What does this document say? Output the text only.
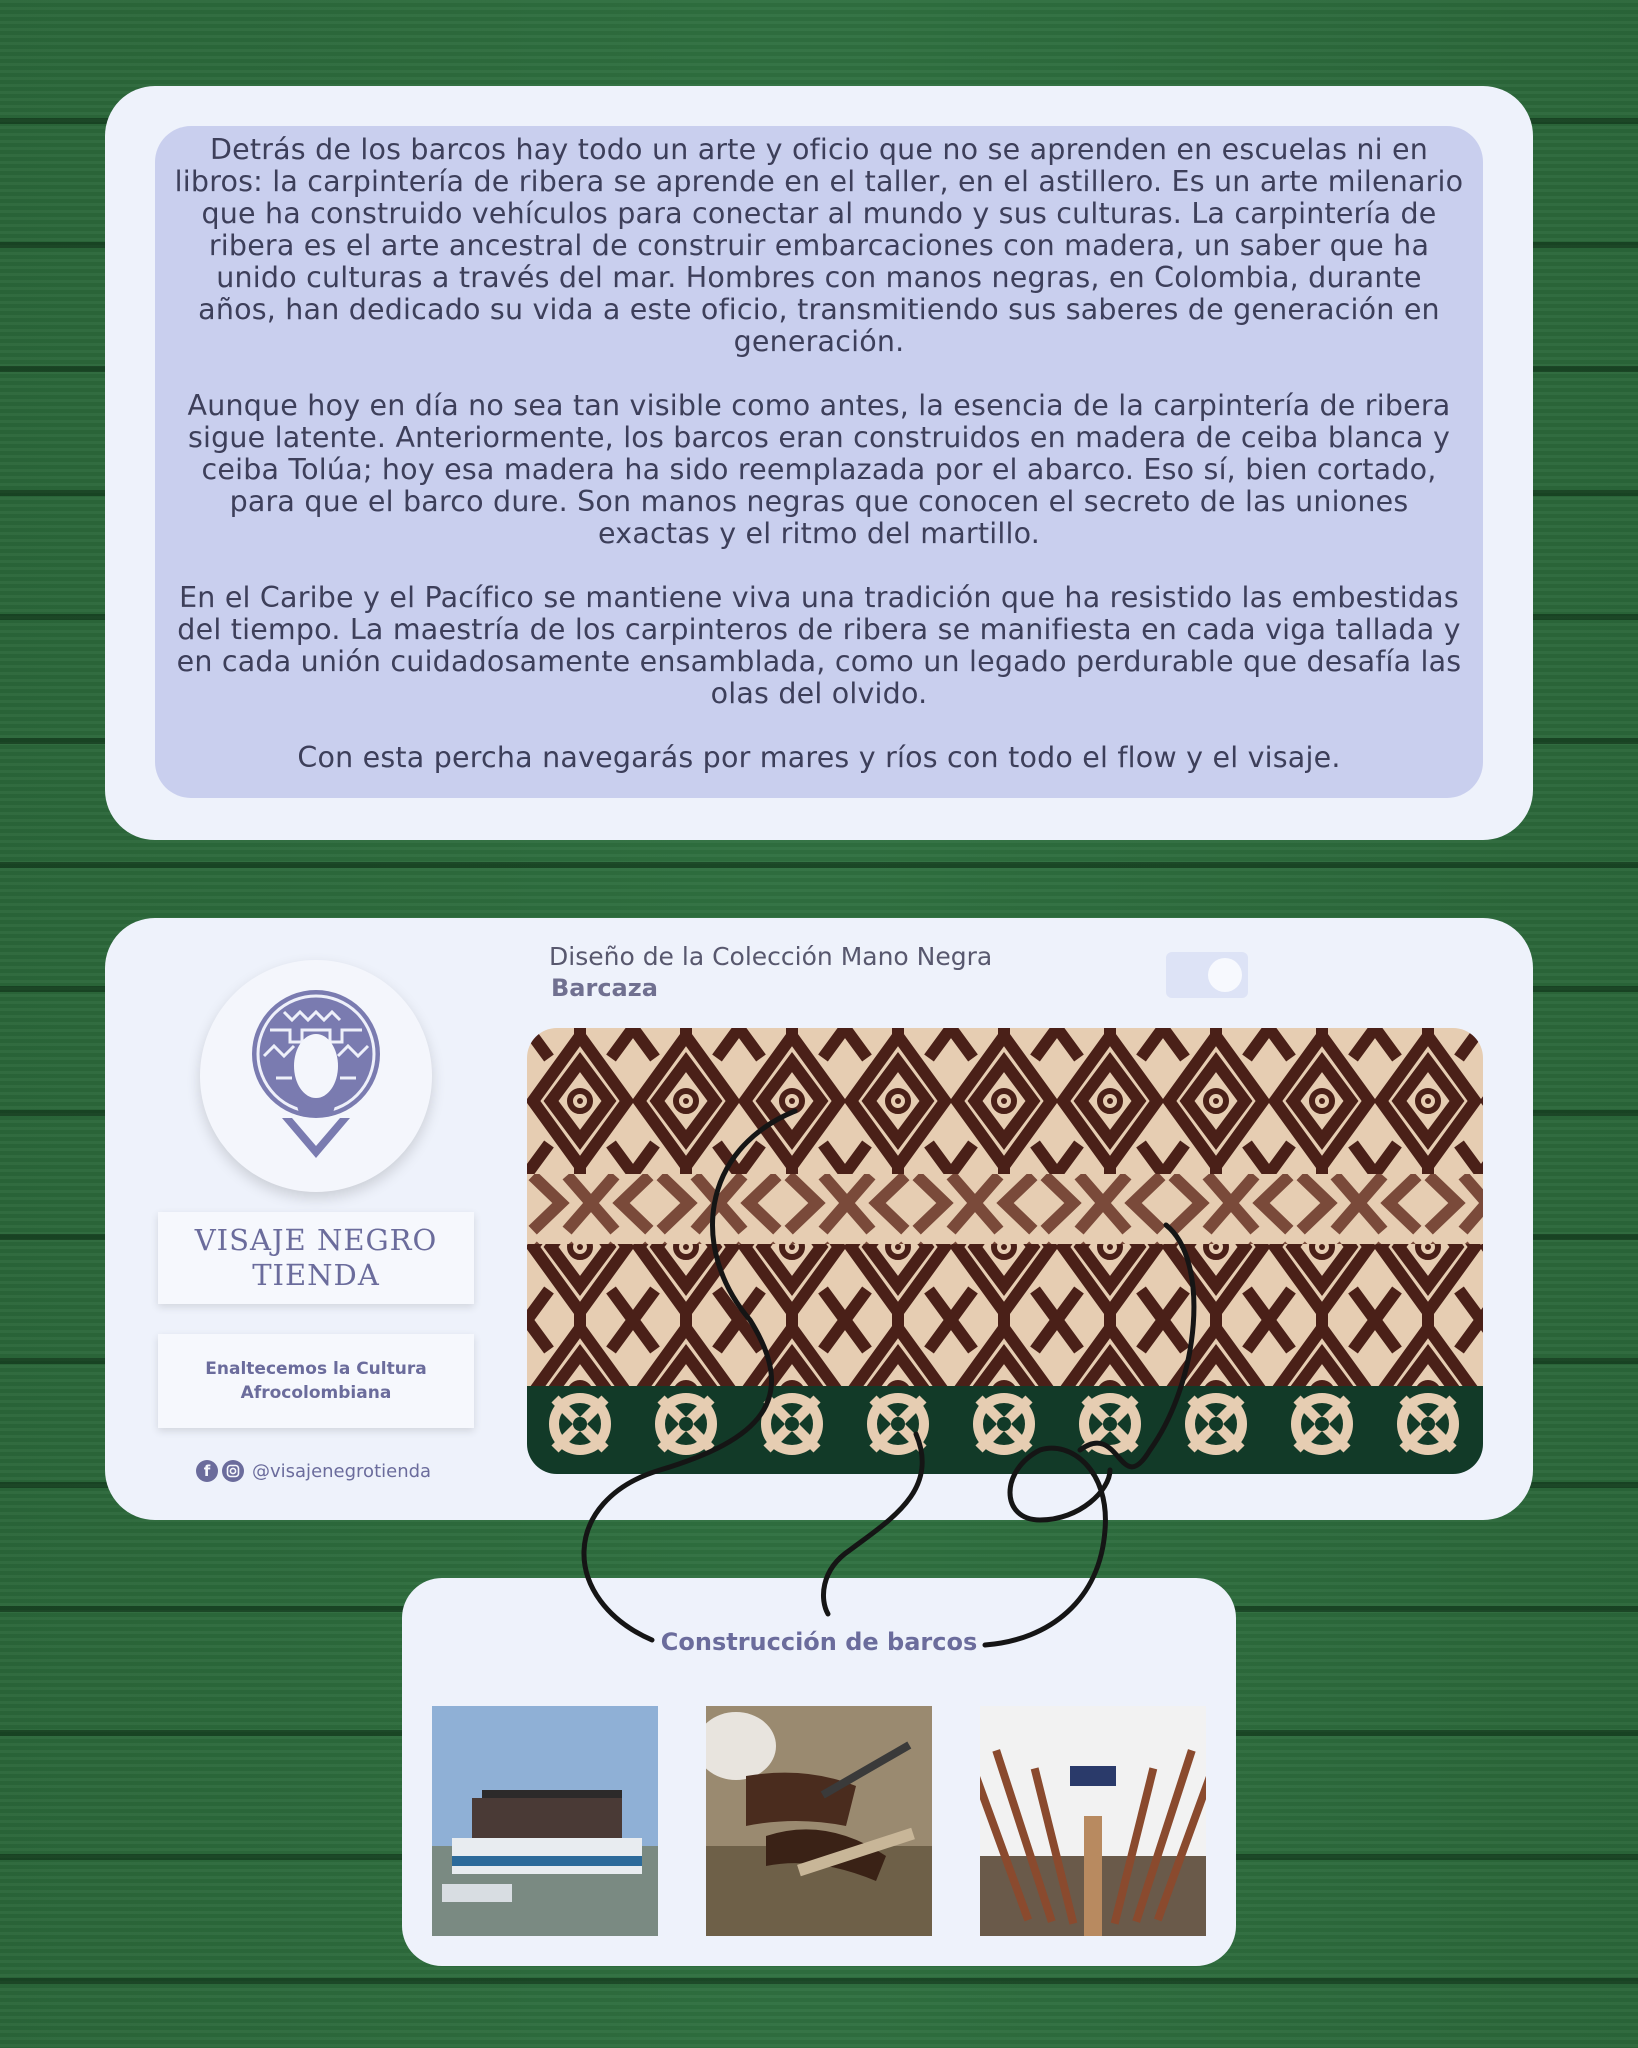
Detrás de los barcos hay todo un arte y oficio que no se aprenden en escuelas ni en libros: la carpintería de ribera se aprende en el taller, en el astillero. Es un arte milenario que ha construido vehículos para conectar al mundo y sus culturas. La carpintería de ribera es el arte ancestral de construir embarcaciones con madera, un saber que ha unido culturas a través del mar. Hombres con manos negras, en Colombia, durante años, han dedicado su vida a este oficio, transmitiendo sus saberes de generación en generación.

Aunque hoy en día no sea tan visible como antes, la esencia de la carpintería de ribera sigue latente. Anteriormente, los barcos eran construidos en madera de ceiba blanca y ceiba Tolúa; hoy esa madera ha sido reemplazada por el abarco. Eso sí, bien cortado, para que el barco dure. Son manos negras que conocen el secreto de las uniones exactas y el ritmo del martillo.

En el Caribe y el Pacífico se mantiene viva una tradición que ha resistido las embestidas del tiempo. La maestría de los carpinteros de ribera se manifiesta en cada viga tallada y en cada unión cuidadosamente ensamblada, como un legado perdurable que desafía las olas del olvido.

Con esta percha navegarás por mares y ríos con todo el flow y el visaje.

VISAJE NEGRO
TIENDA
Enaltecemos la Cultura
Afrocolombiana
f	@visajenegrotienda
Diseño de la Colección Mano Negra
Barcaza
Construcción de barcos
